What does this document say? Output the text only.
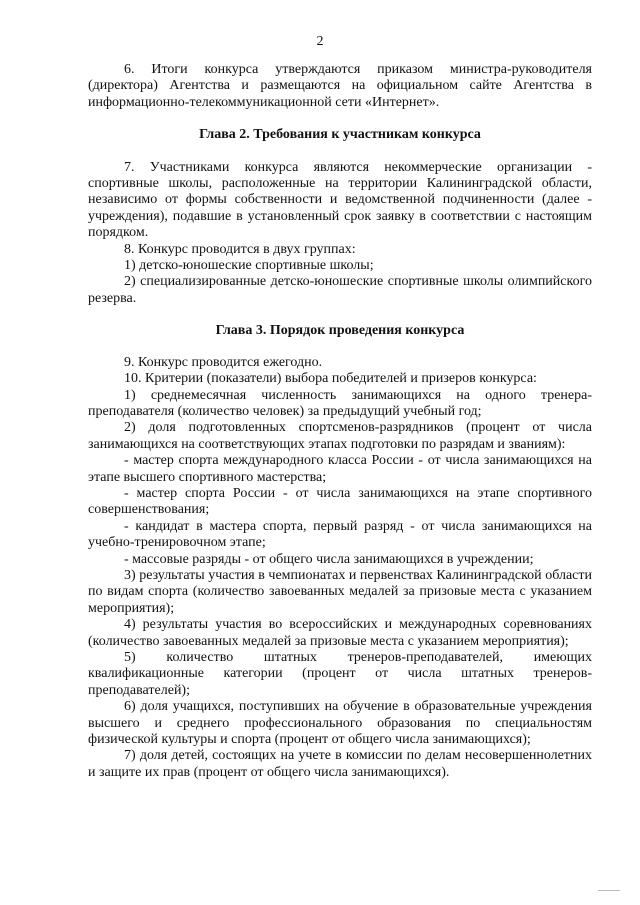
2

6. Итоги конкурса утверждаются приказом министра-руководителя (директора) Агентства и размещаются на официальном сайте Агентства в информационно-телекоммуникационной сети «Интернет».

Глава 2. Требования к участникам конкурса

7. Участниками конкурса являются некоммерческие организации - спортивные школы, расположенные на территории Калининградской области, независимо от формы собственности и ведомственной подчиненности (далее - учреждения), подавшие в установленный срок заявку в соответствии с настоящим порядком.

8. Конкурс проводится в двух группах:

1) детско-юношеские спортивные школы;

2) специализированные детско-юношеские спортивные школы олимпийского резерва.

Глава 3. Порядок проведения конкурса

9. Конкурс проводится ежегодно.

10. Критерии (показатели) выбора победителей и призеров конкурса:

1) среднемесячная численность занимающихся на одного тренера-преподавателя (количество человек) за предыдущий учебный год;

2) доля подготовленных спортсменов-разрядников (процент от числа занимающихся на соответствующих этапах подготовки по разрядам и званиям):

- мастер спорта международного класса России - от числа занимающихся на этапе высшего спортивного мастерства;

- мастер спорта России - от числа занимающихся на этапе спортивного совершенствования;

- кандидат в мастера спорта, первый разряд - от числа занимающихся на учебно-тренировочном этапе;

- массовые разряды - от общего числа занимающихся в учреждении;

3) результаты участия в чемпионатах и первенствах Калининградской области по видам спорта (количество завоеванных медалей за призовые места с указанием мероприятия);

4) результаты участия во всероссийских и международных соревнованиях (количество завоеванных медалей за призовые места с указанием мероприятия);

5) количество штатных тренеров-преподавателей, имеющих квалификационные категории (процент от числа штатных тренеров-преподавателей);

6) доля учащихся, поступивших на обучение в образовательные учреждения высшего и среднего профессионального образования по специальностям физической культуры и спорта (процент от общего числа занимающихся);

7) доля детей, состоящих на учете в комиссии по делам несовершеннолетних и защите их прав (процент от общего числа занимающихся).
